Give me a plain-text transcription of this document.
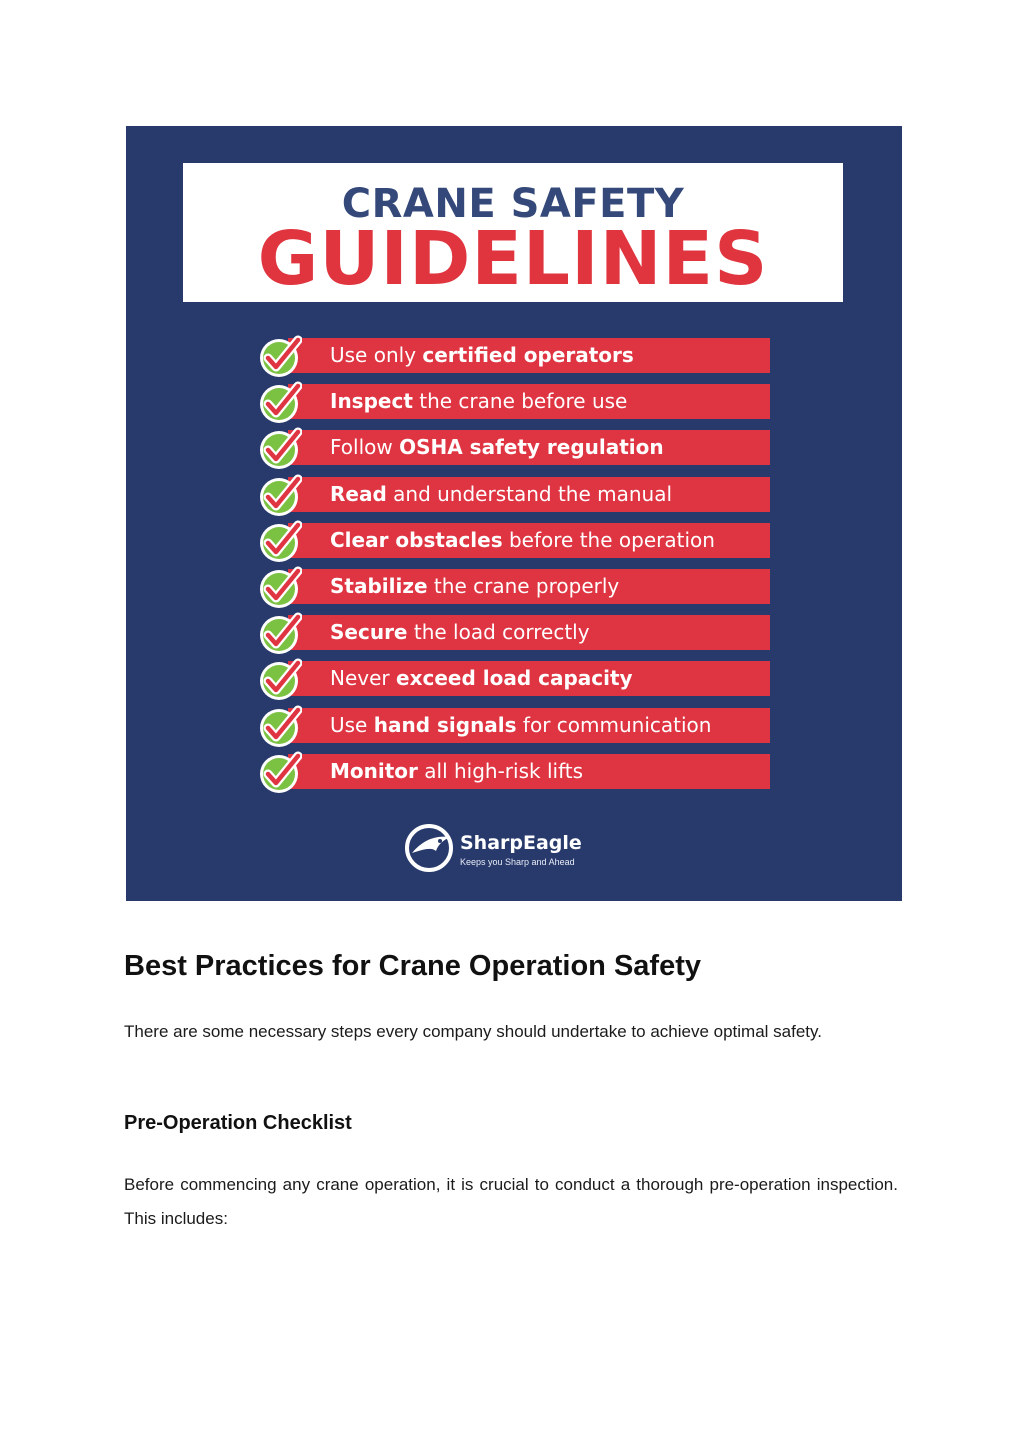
CRANE SAFETY
GUIDELINES
Use only certified operators
Inspect the crane before use
Follow OSHA safety regulation
Read and understand the manual
Clear obstacles before the operation
Stabilize the crane properly
Secure the load correctly
Never exceed load capacity
Use hand signals for communication
Monitor all high-risk lifts
SharpEagle
Keeps you Sharp and Ahead
Best Practices for Crane Operation Safety

There are some necessary steps every company should undertake to achieve optimal safety.

Pre-Operation Checklist

Before commencing any crane operation, it is crucial to conduct a thorough pre-operation inspection. This includes:
